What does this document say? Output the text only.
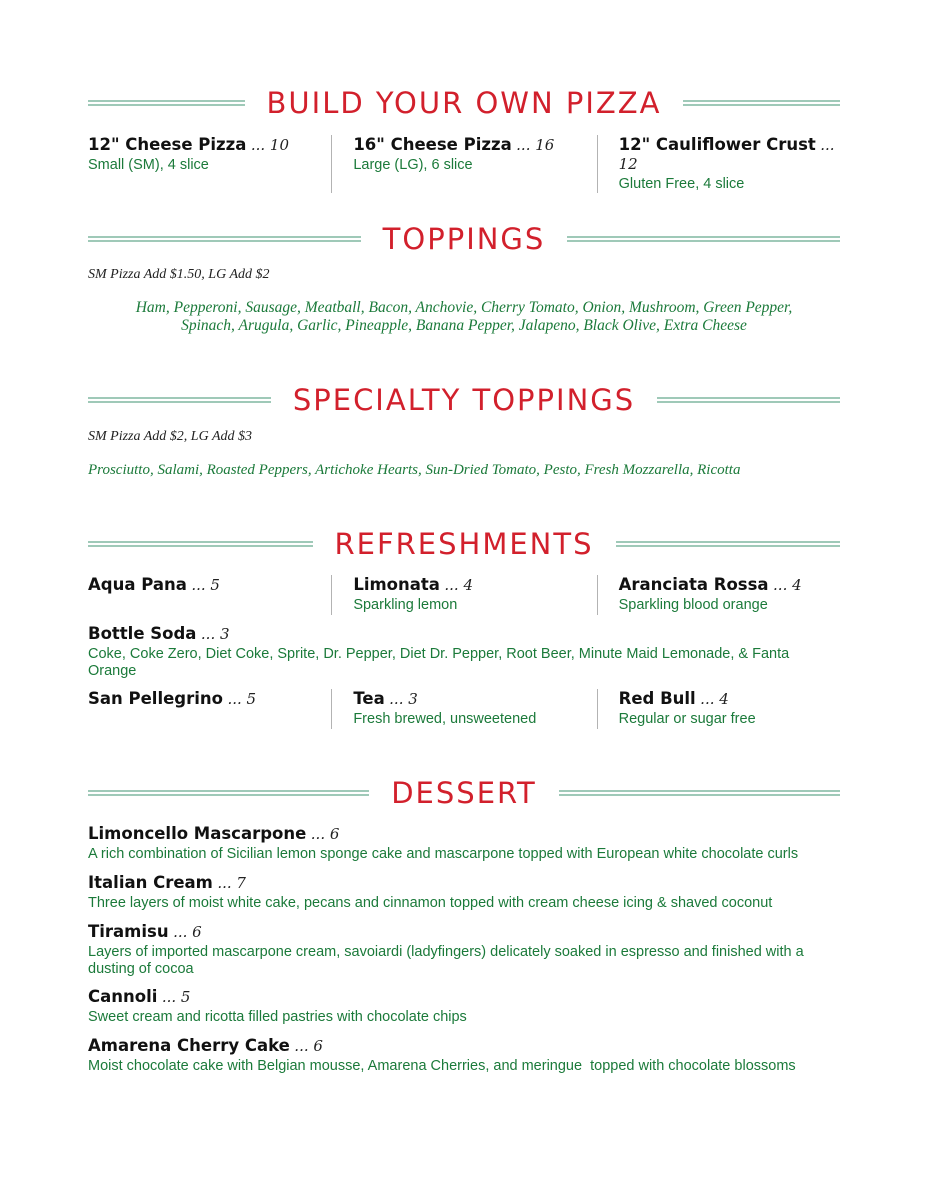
BUILD YOUR OWN PIZZA
12" Cheese Pizza ... 10
Small (SM), 4 slice
16" Cheese Pizza ... 16
Large (LG), 6 slice
12" Cauliflower Crust ... 12
Gluten Free, 4 slice
TOPPINGS
SM Pizza Add $1.50, LG Add $2
Ham, Pepperoni, Sausage, Meatball, Bacon, Anchovie, Cherry Tomato, Onion, Mushroom, Green Pepper,
Spinach, Arugula, Garlic, Pineapple, Banana Pepper, Jalapeno, Black Olive, Extra Cheese
SPECIALTY TOPPINGS
SM Pizza Add $2, LG Add $3
Prosciutto, Salami, Roasted Peppers, Artichoke Hearts, Sun-Dried Tomato, Pesto, Fresh Mozzarella, Ricotta
REFRESHMENTS
Aqua Pana ... 5	Limonata ... 4
Sparkling lemon
Aranciata Rossa ... 4
Sparkling blood orange
Bottle Soda ... 3
Coke, Coke Zero, Diet Coke, Sprite, Dr. Pepper, Diet Dr. Pepper, Root Beer, Minute Maid Lemonade, & Fanta Orange
San Pellegrino ... 5	Tea ... 3
Fresh brewed, unsweetened
Red Bull ... 4
Regular or sugar free
DESSERT
Limoncello Mascarpone ... 6
A rich combination of Sicilian lemon sponge cake and mascarpone topped with European white chocolate curls
Italian Cream ... 7
Three layers of moist white cake, pecans and cinnamon topped with cream cheese icing & shaved coconut
Tiramisu ... 6
Layers of imported mascarpone cream, savoiardi (ladyfingers) delicately soaked in espresso and finished with a dusting of cocoa
Cannoli ... 5
Sweet cream and ricotta filled pastries with chocolate chips
Amarena Cherry Cake ... 6
Moist chocolate cake with Belgian mousse, Amarena Cherries, and meringue  topped with chocolate blossoms
